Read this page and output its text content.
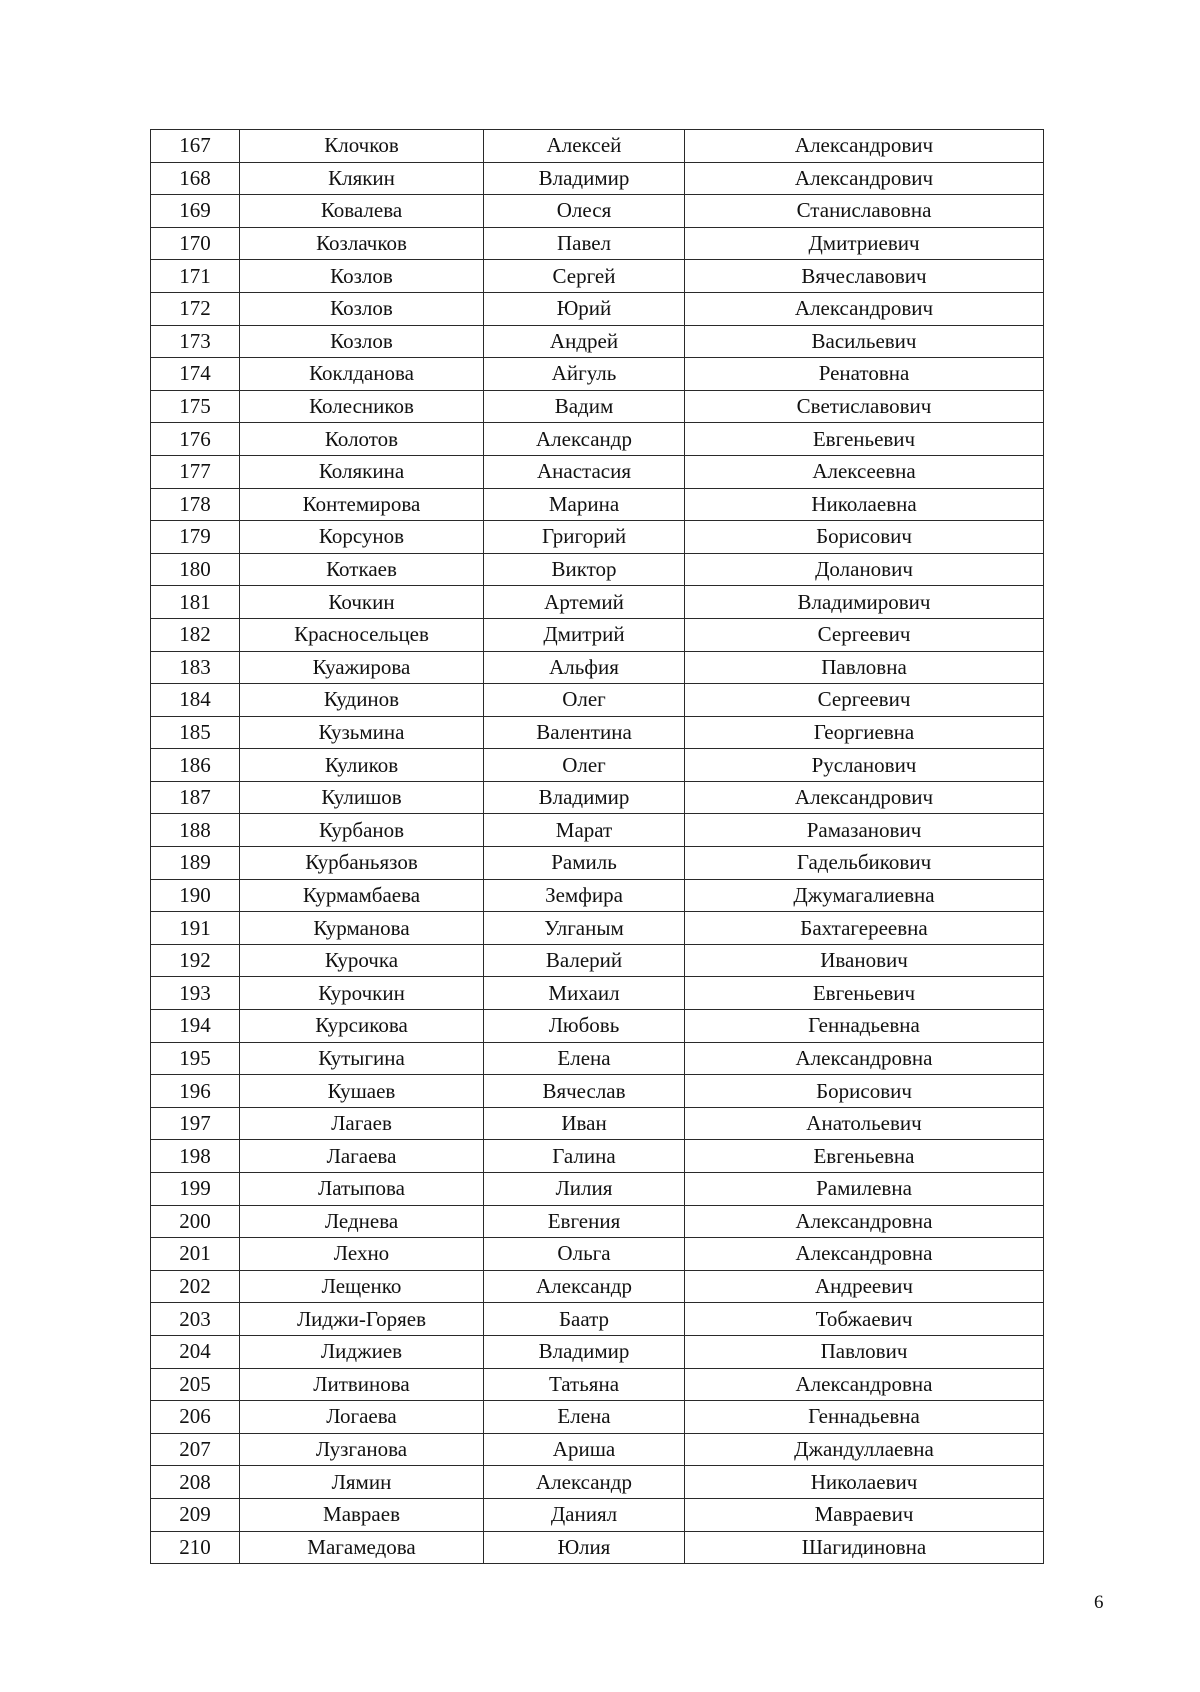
167	Клочков	Алексей	Александрович
168	Клякин	Владимир	Александрович
169	Ковалева	Олеся	Станиславовна
170	Козлачков	Павел	Дмитриевич
171	Козлов	Сергей	Вячеславович
172	Козлов	Юрий	Александрович
173	Козлов	Андрей	Васильевич
174	Коклданова	Айгуль	Ренатовна
175	Колесников	Вадим	Светиславович
176	Колотов	Александр	Евгеньевич
177	Колякина	Анастасия	Алексеевна
178	Контемирова	Марина	Николаевна
179	Корсунов	Григорий	Борисович
180	Коткаев	Виктор	Доланович
181	Кочкин	Артемий	Владимирович
182	Красносельцев	Дмитрий	Сергеевич
183	Куажирова	Альфия	Павловна
184	Кудинов	Олег	Сергеевич
185	Кузьмина	Валентина	Георгиевна
186	Куликов	Олег	Русланович
187	Кулишов	Владимир	Александрович
188	Курбанов	Марат	Рамазанович
189	Курбаньязов	Рамиль	Гадельбикович
190	Курмамбаева	Земфира	Джумагалиевна
191	Курманова	Улганым	Бахтагереевна
192	Курочка	Валерий	Иванович
193	Курочкин	Михаил	Евгеньевич
194	Курсикова	Любовь	Геннадьевна
195	Кутыгина	Елена	Александровна
196	Кушаев	Вячеслав	Борисович
197	Лагаев	Иван	Анатольевич
198	Лагаева	Галина	Евгеньевна
199	Латыпова	Лилия	Рамилевна
200	Леднева	Евгения	Александровна
201	Лехно	Ольга	Александровна
202	Лещенко	Александр	Андреевич
203	Лиджи-Горяев	Баатр	Тобжаевич
204	Лиджиев	Владимир	Павлович
205	Литвинова	Татьяна	Александровна
206	Логаева	Елена	Геннадьевна
207	Лузганова	Ариша	Джандуллаевна
208	Лямин	Александр	Николаевич
209	Мавраев	Даниял	Мавраевич
210	Магамедова	Юлия	Шагидиновна
6
